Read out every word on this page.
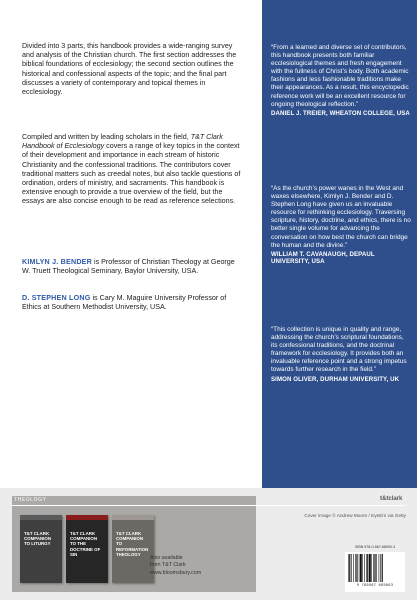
Divided into 3 parts, this handbook provides a wide-ranging survey and analysis of the Christian church. The first section addresses the biblical foundations of ecclesiology; the second section outlines the historical and confessional aspects of the topic; and the final part discusses a variety of contemporary and topical themes in ecclesiology.

Compiled and written by leading scholars in the field, T&T Clark Handbook of Ecclesiology covers a range of key topics in the context of their development and importance in each stream of historic Christianity and the confessional traditions. The contributors cover traditional matters such as creedal notes, but also tackle questions of ordination, orders of ministry, and sacraments. This handbook is extensive enough to provide a true overview of the field, but the essays are also concise enough to be read as reference selections.

KIMLYN J. BENDER is Professor of Christian Theology at George W. Truett Theological Seminary, Baylor University, USA.
D. STEPHEN LONG is Cary M. Maguire University Professor of Ethics at Southern Methodist University, USA.
“From a learned and diverse set of contributors, this handbook presents both familiar ecclesiological themes and fresh engagement with the fullness of Christ’s body. Both academic fashions and less fashionable traditions make their appearances. As a result, this encyclopedic reference work will be an excellent resource for ongoing theological reflection.”
DANIEL J. TREIER, WHEATON COLLEGE, USA
“As the church’s power wanes in the West and waxes elsewhere, Kimlyn J. Bender and D. Stephen Long have given us an invaluable resource for rethinking ecclesiology. Traversing scripture, history, doctrine, and ethics, there is no better single volume for advancing the conversation on how best the church can bridge the human and the divine.”
WILLIAM T. CAVANAUGH, DEPAUL UNIVERSITY, USA
“This collection is unique in quality and range, addressing the church’s scriptural foundations, its confessional traditions, and the doctrinal framework for ecclesiology. It provides both an invaluable reference point and a strong impetus towards further research in the field.”
SIMON OLIVER, DURHAM UNIVERSITY, UK
THEOLOGY	t&tclark
T&T CLARK COMPANION TO LITURGY
T&T CLARK COMPANION TO THE DOCTRINE OF SIN
T&T CLARK COMPANION TO REFORMATION THEOLOGY
Also available
from T&T Clark
www.bloomsbury.com
Cover image © Andrew Moore / EyeEm via Getty
ISBN 978-0-567-68900-3
9 780567 689003
